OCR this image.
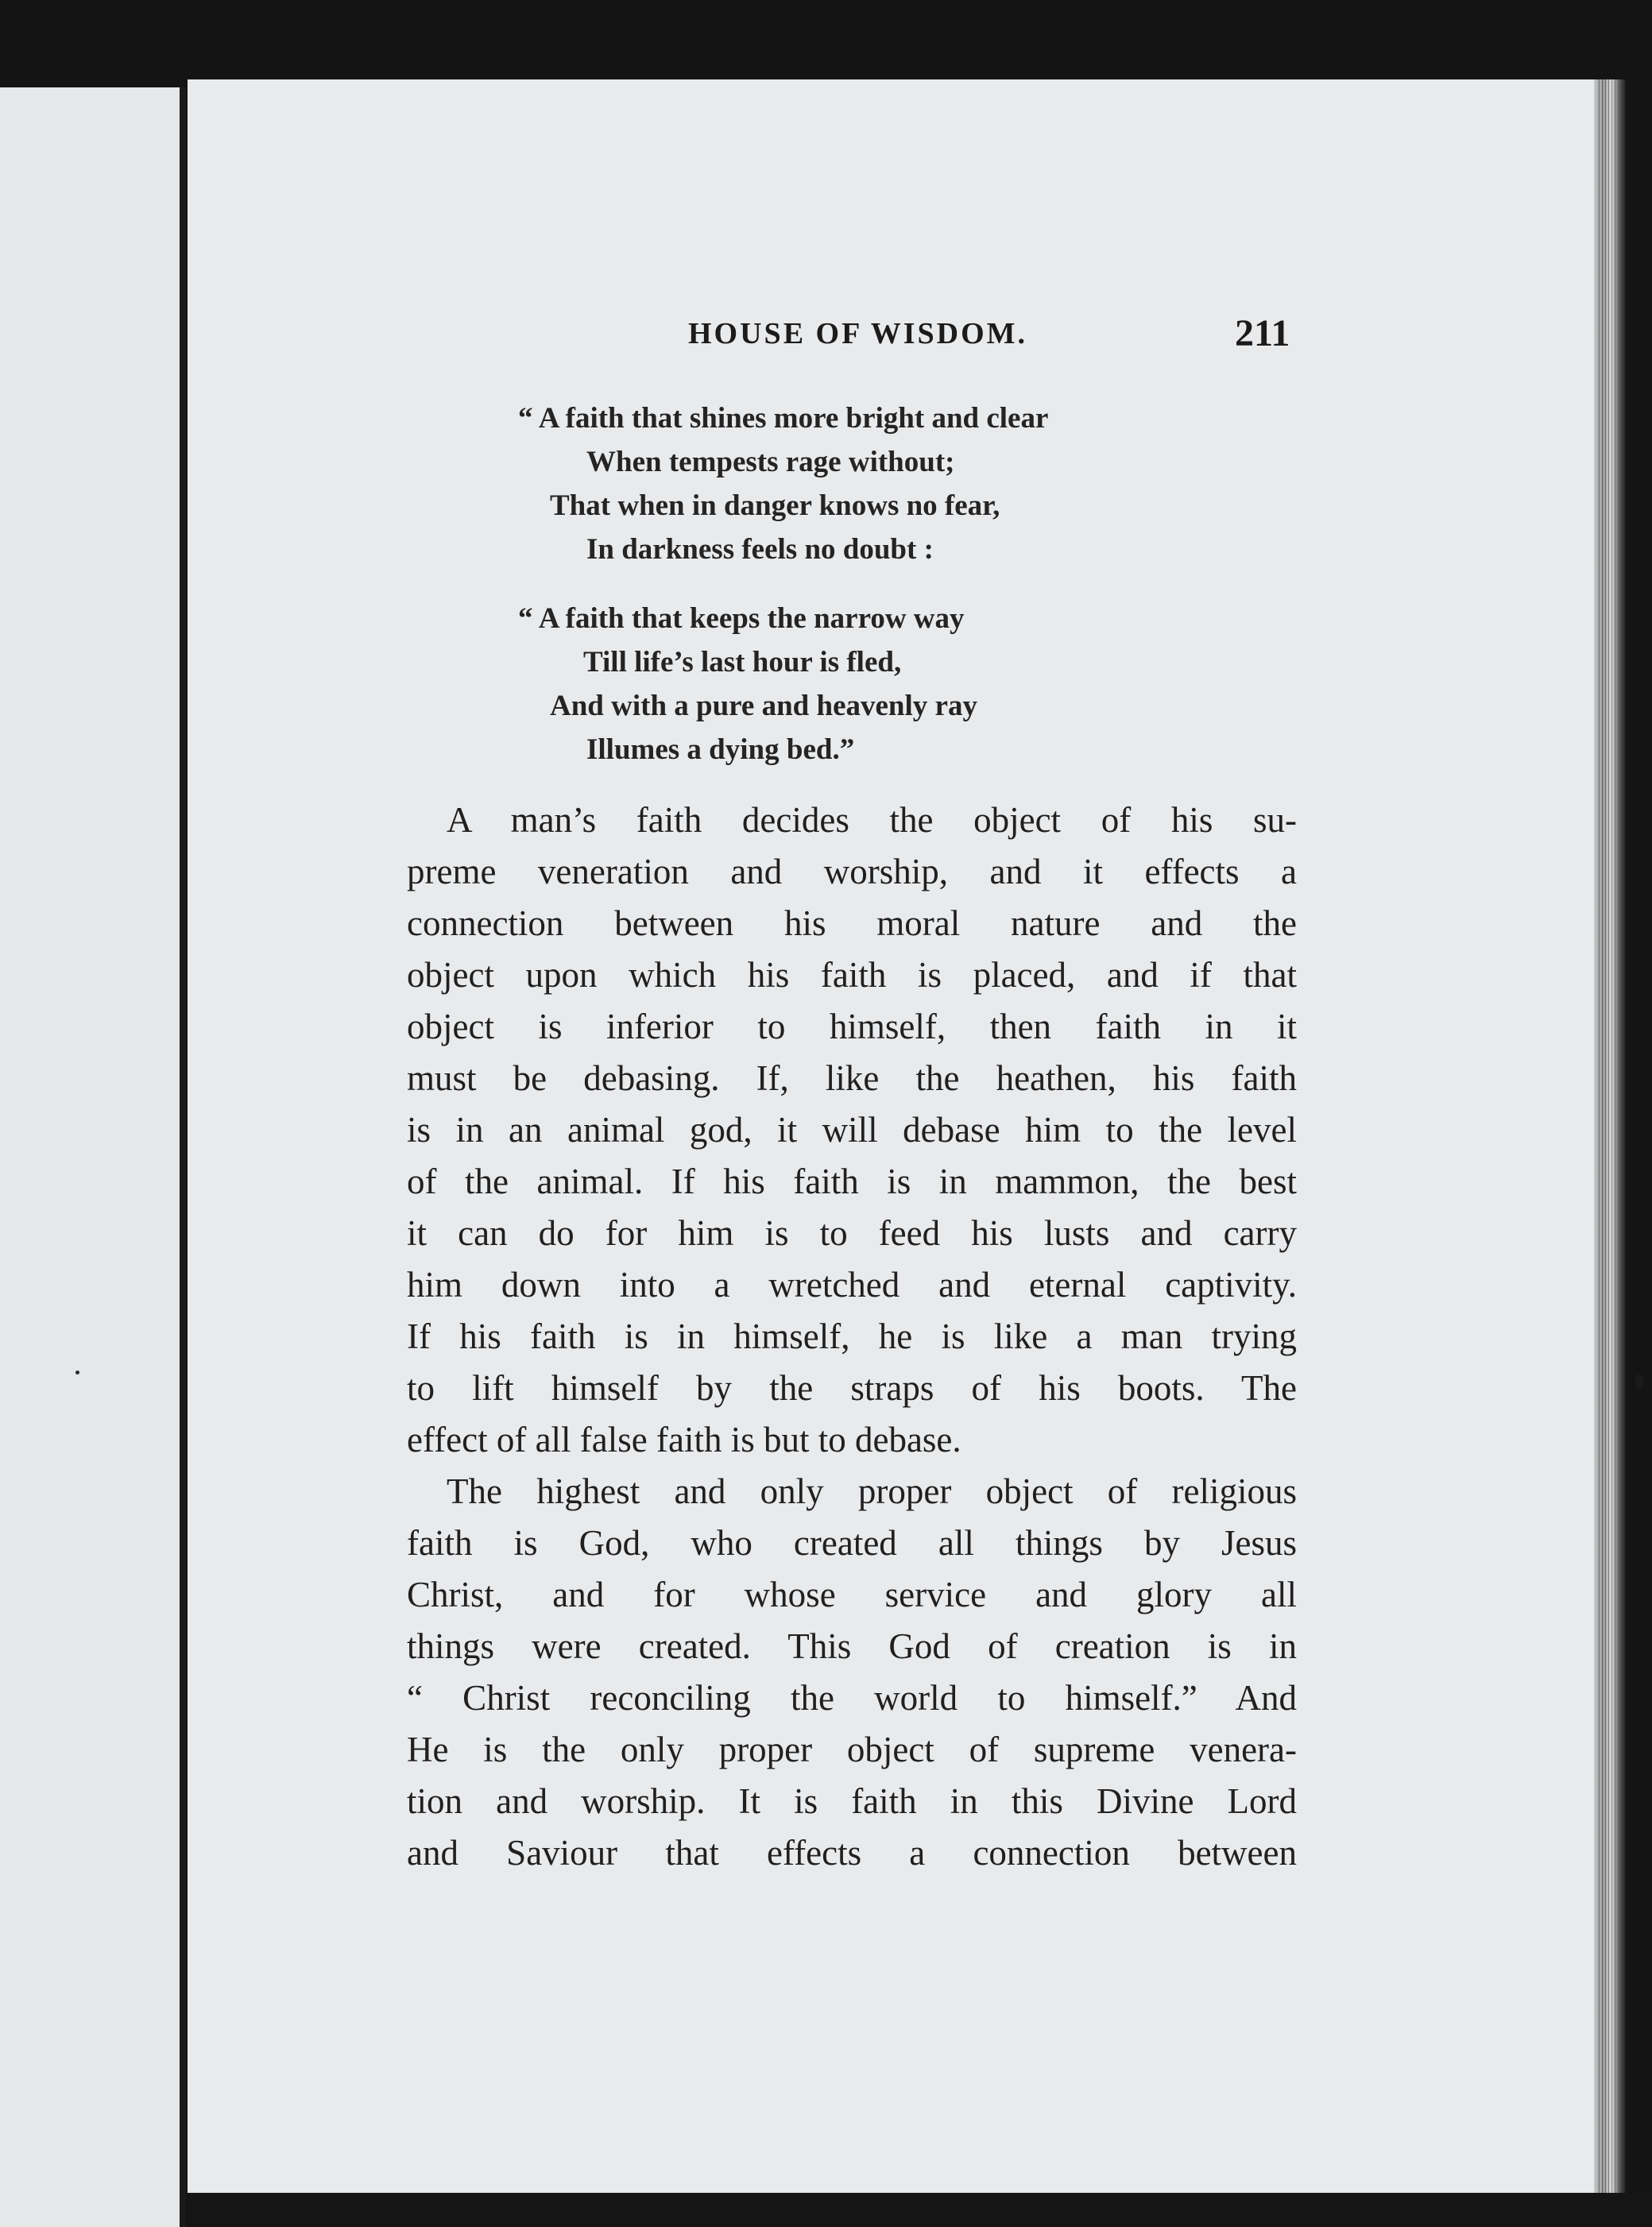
HOUSE OF WISDOM.	211
“ A faith that shines more bright and clear
When tempests rage without;
That when in danger knows no fear,
In darkness feels no doubt :
“ A faith that keeps the narrow way
Till life’s last hour is fled,
And with a pure and heavenly ray
Illumes a dying bed.”
A man’s faith decides the object of his su-
preme veneration and worship, and it effects a
connection between his moral nature and the
object upon which his faith is placed, and if that
object is inferior to himself, then faith in it
must be debasing. If, like the heathen, his faith
is in an animal god, it will debase him to the level
of the animal. If his faith is in mammon, the best
it can do for him is to feed his lusts and carry
him down into a wretched and eternal captivity.
If his faith is in himself, he is like a man trying
to lift himself by the straps of his boots. The
effect of all false faith is but to debase.
The highest and only proper object of religious
faith is God, who created all things by Jesus
Christ, and for whose service and glory all
things were created. This God of creation is in
“ Christ reconciling the world to himself.” And
He is the only proper object of supreme venera-
tion and worship. It is faith in this Divine Lord
and Saviour that effects a connection between
